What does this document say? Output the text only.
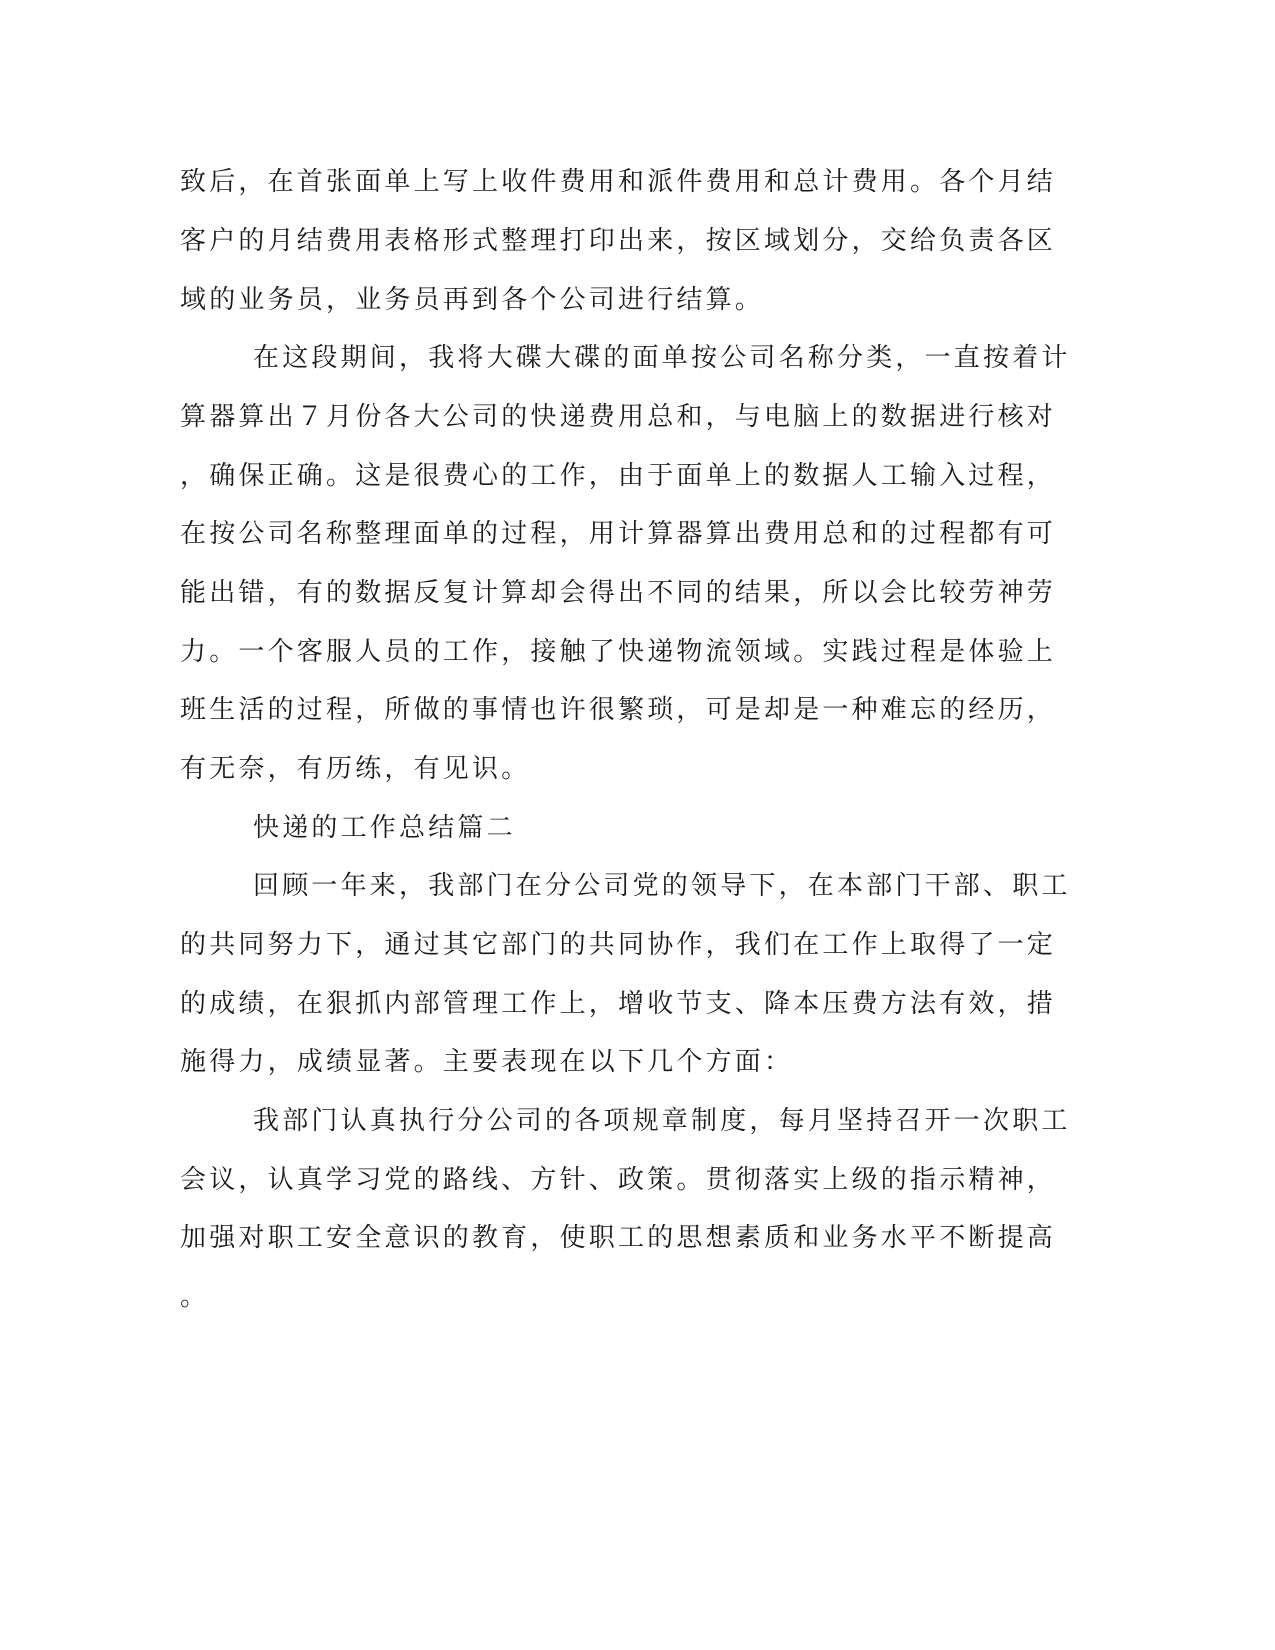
致后，在首张面单上写上收件费用和派件费用和总计费用。各个月结
客户的月结费用表格形式整理打印出来，按区域划分，交给负责各区
域的业务员，业务员再到各个公司进行结算。
在这段期间，我将大碟大碟的面单按公司名称分类，一直按着计
算器算出７月份各大公司的快递费用总和，与电脑上的数据进行核对
，确保正确。这是很费心的工作，由于面单上的数据人工输入过程，
在按公司名称整理面单的过程，用计算器算出费用总和的过程都有可
能出错，有的数据反复计算却会得出不同的结果，所以会比较劳神劳
力。一个客服人员的工作，接触了快递物流领域。实践过程是体验上
班生活的过程，所做的事情也许很繁琐，可是却是一种难忘的经历，
有无奈，有历练，有见识。
快递的工作总结篇二
回顾一年来，我部门在分公司党的领导下，在本部门干部、职工
的共同努力下，通过其它部门的共同协作，我们在工作上取得了一定
的成绩，在狠抓内部管理工作上，增收节支、降本压费方法有效，措
施得力，成绩显著。主要表现在以下几个方面：
我部门认真执行分公司的各项规章制度，每月坚持召开一次职工
会议，认真学习党的路线、方针、政策。贯彻落实上级的指示精神，
加强对职工安全意识的教育，使职工的思想素质和业务水平不断提高
。
